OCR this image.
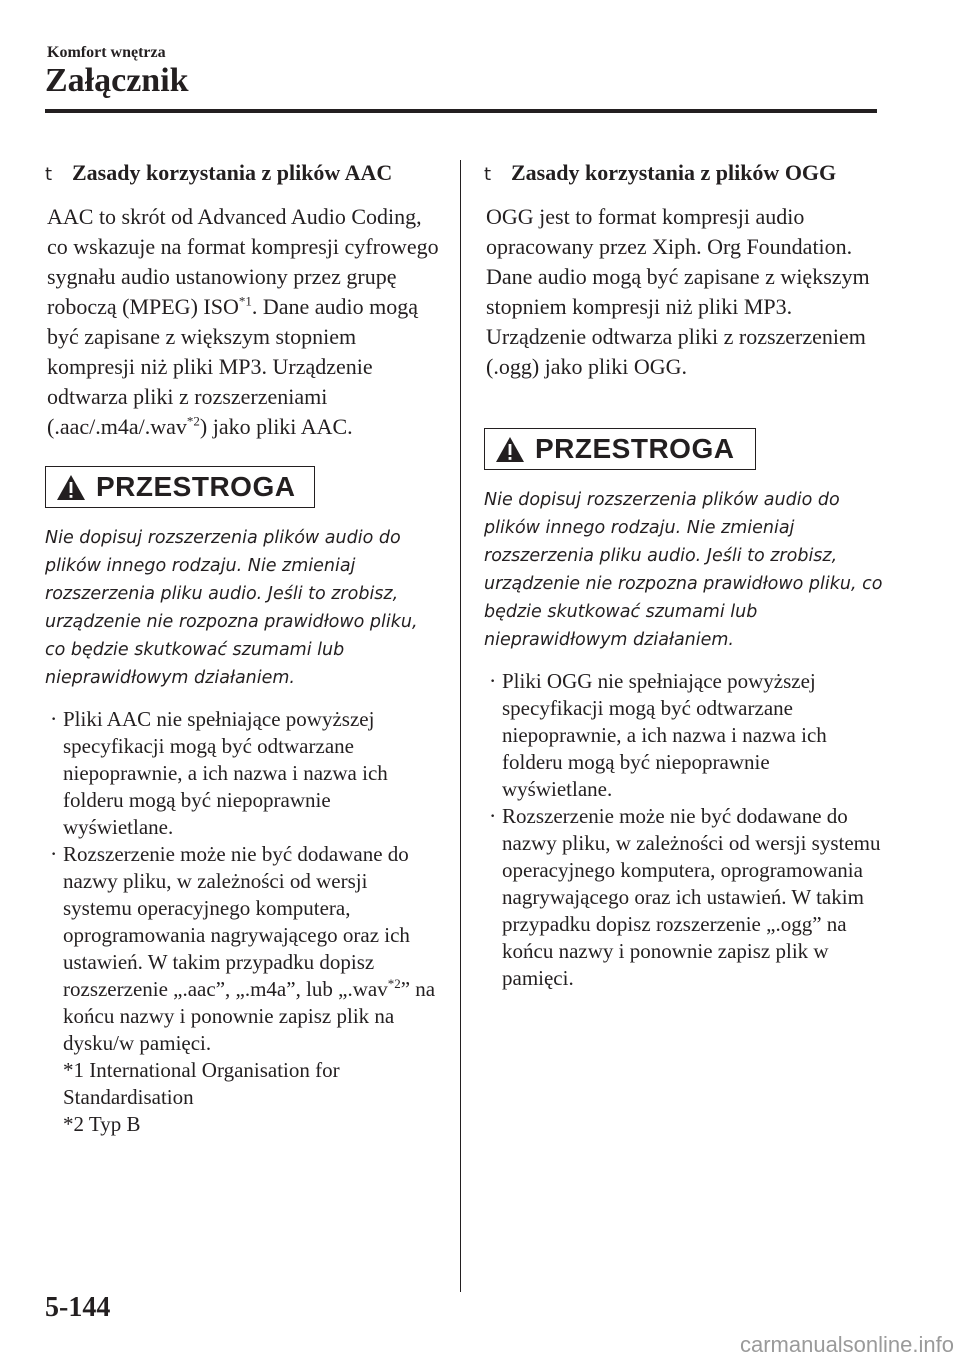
Komfort wnętrza
Załącznik
t Zasady korzystania z plików AAC

AAC to skrót od Advanced Audio Coding, co wskazuje na format kompresji cyfrowego sygnału audio ustanowiony przez grupę roboczą (MPEG) ISO$^{*1}$. Dane audio mogą być zapisane z większym stopniem kompresji niż pliki MP3. Urządzenie odtwarza pliki z rozszerzeniami (.aac/.m4a/.wav$^{*2}$) jako pliki AAC.

PRZESTROGA

Nie dopisuj rozszerzenia plików audio do plików innego rodzaju. Nie zmieniaj rozszerzenia pliku audio. Jeśli to zrobisz, urządzenie nie rozpozna prawidłowo pliku, co będzie skutkować szumami lub nieprawidłowym działaniem.

· Pliki AAC nie spełniające powyższej specyfikacji mogą być odtwarzane niepoprawnie, a ich nazwa i nazwa ich folderu mogą być niepoprawnie wyświetlane.
· Rozszerzenie może nie być dodawane do nazwy pliku, w zależności od wersji systemu operacyjnego komputera, oprogramowania nagrywającego oraz ich ustawień. W takim przypadku dopisz rozszerzenie „.aac”, „.m4a”, lub „.wav$^{*2}$” na końcu nazwy i ponownie zapisz plik na dysku/w pamięci.
*1 International Organisation for Standardisation
*2 Typ B
t Zasady korzystania z plików OGG

OGG jest to format kompresji audio opracowany przez Xiph. Org Foundation. Dane audio mogą być zapisane z większym stopniem kompresji niż pliki MP3.

Urządzenie odtwarza pliki z rozszerzeniem (.ogg) jako pliki OGG.

PRZESTROGA

Nie dopisuj rozszerzenia plików audio do plików innego rodzaju. Nie zmieniaj rozszerzenia pliku audio. Jeśli to zrobisz, urządzenie nie rozpozna prawidłowo pliku, co będzie skutkować szumami lub nieprawidłowym działaniem.

· Pliki OGG nie spełniające powyższej specyfikacji mogą być odtwarzane niepoprawnie, a ich nazwa i nazwa ich folderu mogą być niepoprawnie wyświetlane.
· Rozszerzenie może nie być dodawane do nazwy pliku, w zależności od wersji systemu operacyjnego komputera, oprogramowania nagrywającego oraz ich ustawień. W takim przypadku dopisz rozszerzenie „.ogg” na końcu nazwy i ponownie zapisz plik w pamięci.
5-144
carmanualsonline.info
